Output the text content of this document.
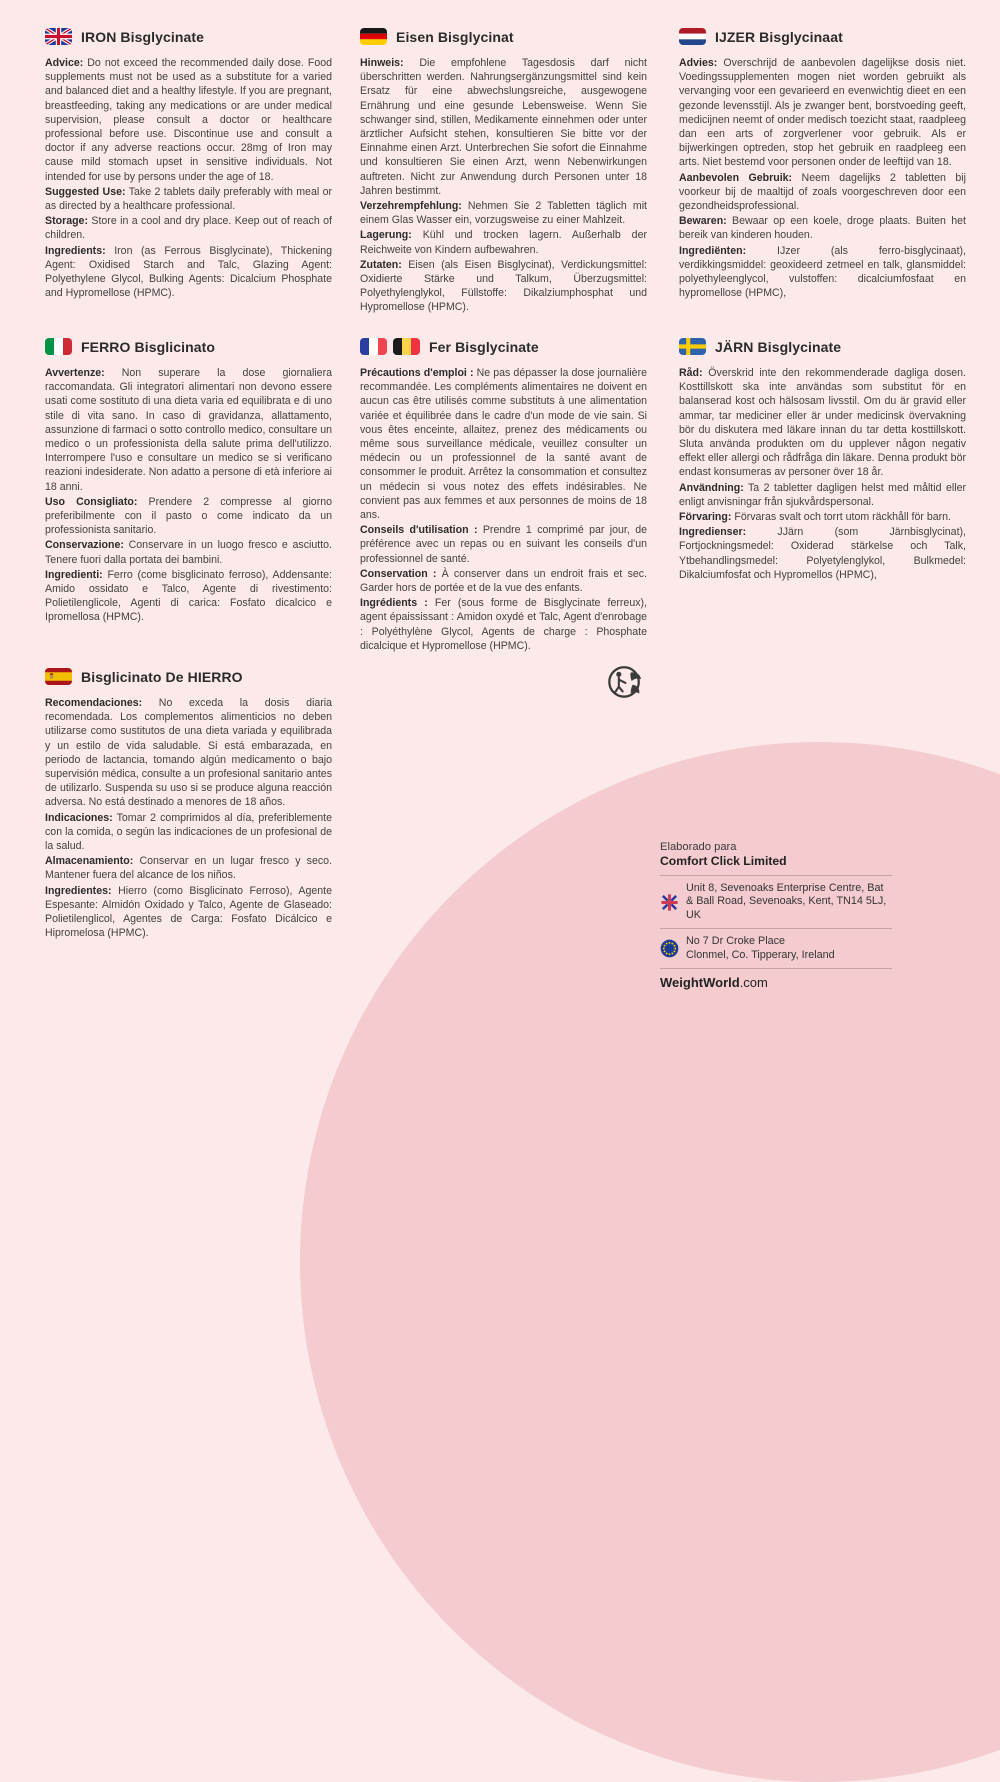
IRON Bisglycinate

Advice: Do not exceed the recommended daily dose. Food supplements must not be used as a substitute for a varied and balanced diet and a healthy lifestyle. If you are pregnant, breastfeeding, taking any medications or are under medical supervision, please consult a doctor or healthcare professional before use. Discontinue use and consult a doctor if any adverse reactions occur. 28mg of Iron may cause mild stomach upset in sensitive individuals. Not intended for use by persons under the age of 18.

Suggested Use: Take 2 tablets daily preferably with meal or as directed by a healthcare professional.

Storage: Store in a cool and dry place. Keep out of reach of children.

Ingredients: Iron (as Ferrous Bisglycinate), Thickening Agent: Oxidised Starch and Talc, Glazing Agent: Polyethylene Glycol, Bulking Agents: Dicalcium Phosphate and Hypromellose (HPMC).

Eisen Bisglycinat

Hinweis: Die empfohlene Tagesdosis darf nicht überschritten werden. Nahrungsergänzungsmittel sind kein Ersatz für eine abwechslungsreiche, ausgewogene Ernährung und eine gesunde Lebensweise. Wenn Sie schwanger sind, stillen, Medikamente einnehmen oder unter ärztlicher Aufsicht stehen, konsultieren Sie bitte vor der Einnahme einen Arzt. Unterbrechen Sie sofort die Einnahme und konsultieren Sie einen Arzt, wenn Nebenwirkungen auftreten. Nicht zur Anwendung durch Personen unter 18 Jahren bestimmt.

Verzehrempfehlung: Nehmen Sie 2 Tabletten täglich mit einem Glas Wasser ein, vorzugsweise zu einer Mahlzeit.

Lagerung: Kühl und trocken lagern. Außerhalb der Reichweite von Kindern aufbewahren.

Zutaten: Eisen (als Eisen Bisglycinat), Verdickungsmittel: Oxidierte Stärke und Talkum, Überzugsmittel: Polyethylenglykol, Füllstoffe: Dikalziumphosphat und Hypromellose (HPMC).

IJZER Bisglycinaat

Advies: Overschrijd de aanbevolen dagelijkse dosis niet. Voedingssupplementen mogen niet worden gebruikt als vervanging voor een gevarieerd en evenwichtig dieet en een gezonde levensstijl. Als je zwanger bent, borstvoeding geeft, medicijnen neemt of onder medisch toezicht staat, raadpleeg dan een arts of zorgverlener voor gebruik. Als er bijwerkingen optreden, stop het gebruik en raadpleeg een arts. Niet bestemd voor personen onder de leeftijd van 18.

Aanbevolen Gebruik: Neem dagelijks 2 tabletten bij voorkeur bij de maaltijd of zoals voorgeschreven door een gezondheidsprofessional.

Bewaren: Bewaar op een koele, droge plaats. Buiten het bereik van kinderen houden.

Ingrediënten:	IJzer (als ferro-bisglycinaat), verdikkingsmiddel: geoxideerd zetmeel en talk, glansmiddel: polyethyleenglycol, vulstoffen: dicalciumfosfaat en hypromellose (HPMC),

FERRO Bisglicinato

Avvertenze: Non superare la dose giornaliera raccomandata. Gli integratori alimentari non devono essere usati come sostituto di una dieta varia ed equilibrata e di uno stile di vita sano. In caso di gravidanza, allattamento, assunzione di farmaci o sotto controllo medico, consultare un medico o un professionista della salute prima dell'utilizzo. Interrompere l'uso e consultare un medico se si verificano reazioni indesiderate. Non adatto a persone di età inferiore ai 18 anni.

Uso Consigliato: Prendere 2 compresse al giorno preferibilmente con il pasto o come indicato da un professionista sanitario.

Conservazione: Conservare in un luogo fresco e asciutto. Tenere fuori dalla portata dei bambini.

Ingredienti: Ferro (come bisglicinato ferroso), Addensante: Amido ossidato e Talco, Agente di rivestimento: Polietilenglicole, Agenti di carica: Fosfato dicalcico e Ipromellosa (HPMC).

Fer Bisglycinate

Précautions d'emploi : Ne pas dépasser la dose journalière recommandée. Les compléments alimentaires ne doivent en aucun cas être utilisés comme substituts à une alimentation variée et équilibrée dans le cadre d'un mode de vie sain. Si vous êtes enceinte, allaitez, prenez des médicaments ou même sous surveillance médicale, veuillez consulter un médecin ou un professionnel de la santé avant de consommer le produit. Arrêtez la consommation et consultez un médecin si vous notez des effets indésirables. Ne convient pas aux femmes et aux personnes de moins de 18 ans.

Conseils d'utilisation : Prendre 1 comprimé par jour, de préférence avec un repas ou en suivant les conseils d'un professionnel de santé.

Conservation : À conserver dans un endroit frais et sec. Garder hors de portée et de la vue des enfants.

Ingrédients : Fer (sous forme de Bisglycinate ferreux), agent épaississant : Amidon oxydé et Talc, Agent d'enrobage : Polyéthylène Glycol, Agents de charge : Phosphate dicalcique et Hypromellose (HPMC).

JÄRN Bisglycinate

Råd: Överskrid inte den rekommenderade dagliga dosen. Kosttillskott ska inte användas som substitut för en balanserad kost och hälsosam livsstil. Om du är gravid eller ammar, tar mediciner eller är under medicinsk övervakning bör du diskutera med läkare innan du tar detta kosttillskott. Sluta använda produkten om du upplever någon negativ effekt eller allergi och rådfråga din läkare. Denna produkt bör endast konsumeras av personer över 18 år.

Användning: Ta 2 tabletter dagligen helst med måltid eller enligt anvisningar från sjukvårdspersonal.

Förvaring: Förvaras svalt och torrt utom räckhåll för barn.

Ingredienser:	JJärn (som Järnbisglycinat), Fortjockningsmedel: Oxiderad stärkelse och Talk, Ytbehandlingsmedel: Polyetylenglykol, Bulkmedel: Dikalciumfosfat och Hypromellos (HPMC),

Bisglicinato De HIERRO

Recomendaciones: No exceda la dosis diaria recomendada. Los complementos alimenticios no deben utilizarse como sustitutos de una dieta variada y equilibrada y un estilo de vida saludable. Si está embarazada, en periodo de lactancia, tomando algún medicamento o bajo supervisión médica, consulte a un profesional sanitario antes de utilizarlo. Suspenda su uso si se produce alguna reacción adversa. No está destinado a menores de 18 años.

Indicaciones: Tomar 2 comprimidos al día, preferiblemente con la comida, o según las indicaciones de un profesional de la salud.

Almacenamiento: Conservar en un lugar fresco y seco. Mantener fuera del alcance de los niños.

Ingredientes: Hierro (como Bisglicinato Ferroso), Agente Espesante: Almidón Oxidado y Talco, Agente de Glaseado: Polietilenglicol, Agentes de Carga: Fosfato Dicálcico e Hipromelosa (HPMC).

Elaborado para
Comfort Click Limited
Unit 8, Sevenoaks Enterprise Centre, Bat & Ball Road, Sevenoaks, Kent, TN14 5LJ, UK
No 7 Dr Croke Place
Clonmel, Co. Tipperary, Ireland
WeightWorld.com
